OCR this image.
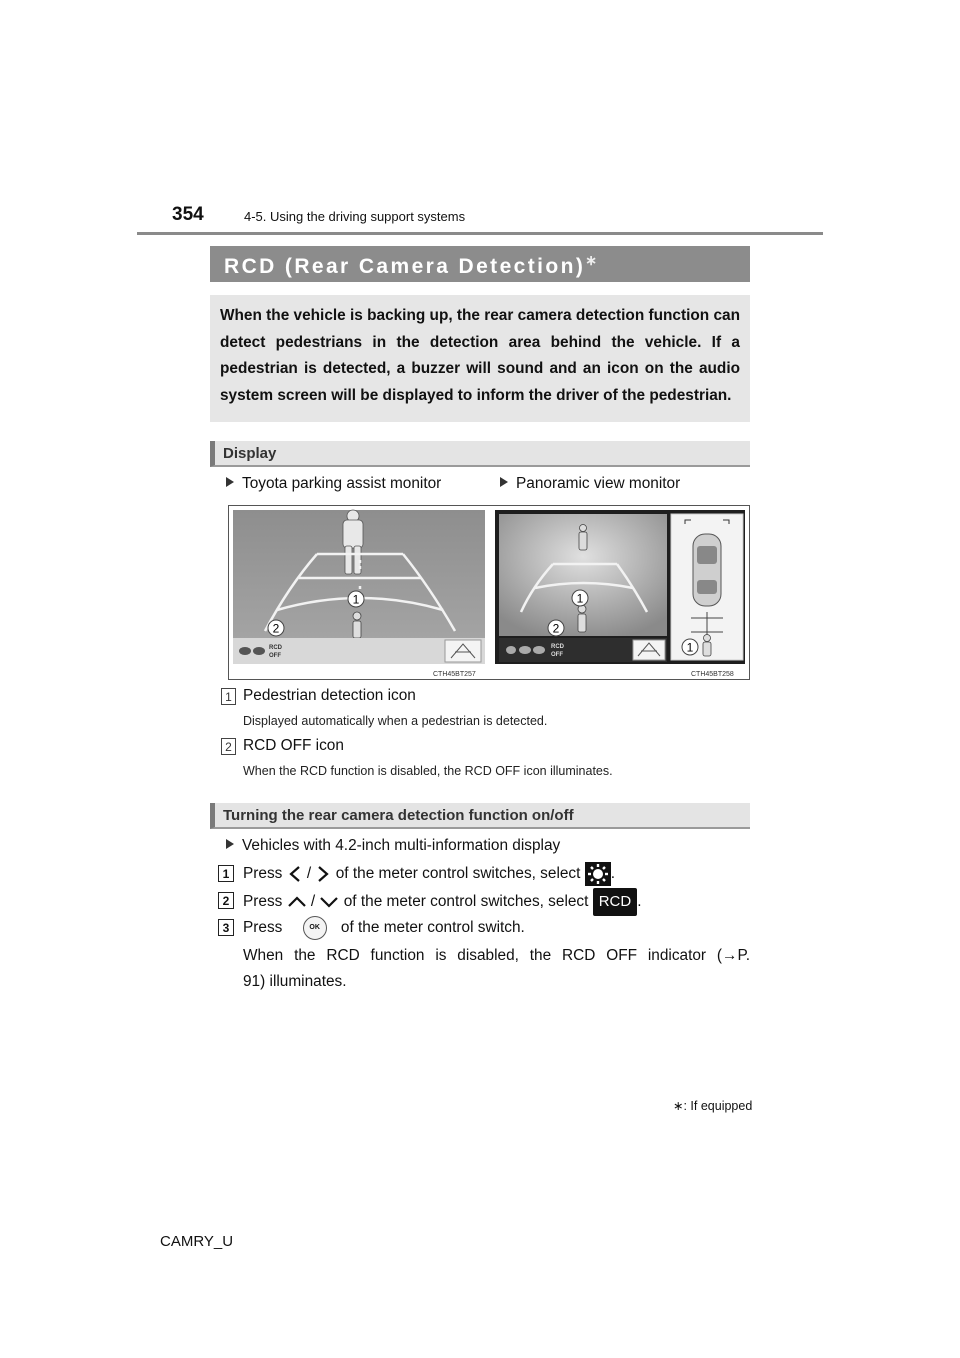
354	4-5. Using the driving support systems
RCD (Rear Camera Detection)∗

When the vehicle is backing up, the rear camera detection function can detect pedestrians in the detection area behind the vehicle. If a pedestrian is detected, a buzzer will sound and an icon on the audio system screen will be displayed to inform the driver of the pedestrian.

Display
Toyota parking assist monitor	Panoramic view monitor
1
2
RCD
OFF
CTH45BT257
1
2
RCD
OFF
1
CTH45BT258
1 Pedestrian detection icon
Displayed automatically when a pedestrian is detected.
2 RCD OFF icon
When the RCD function is disabled, the RCD OFF icon illuminates.
Turning the rear camera detection function on/off
Vehicles with 4.2-inch multi-information display
1 Press / of the meter control switches, select .
2 Press / of the meter control switches, select RCD .
3 Press	OK of the meter control switch.
When the RCD function is disabled, the RCD OFF indicator (→P.
91) illuminates.
∗: If equipped
CAMRY_U
